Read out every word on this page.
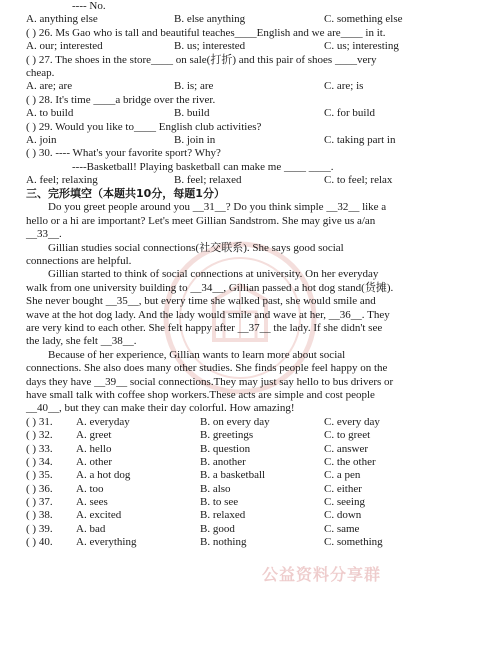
公益资料分享群
---- No.
A. anything else	B. else anything	C. something else
( ) 26. Ms Gao who is tall and beautiful teaches____English and we are____ in it.
A. our; interested	B. us; interested	C. us; interesting
( ) 27. The shoes in the store____ on sale(打折) and this pair of shoes ____very
cheap.
A. are; are	B. is; are	C. are; is
( ) 28. It's time ____a bridge over the river.
A. to build	B. build	C. for build
( ) 29. Would you like to____ English club activities?
A. join	B. join in	C. taking part in
( ) 30. ---- What's your favorite sport? Why?
----Basketball! Playing basketball can make me ____ ____.
A. feel; relaxing	B. feel; relaxed	C. to feel; relax
三、完形填空（本题共10分，每题1分）
Do you greet people around you __31__? Do you think simple __32__ like a
hello or a hi are important? Let's meet Gillian Sandstrom. She may give us a/an
__33__.
Gillian studies social connections(社交联系). She says good social
connections are helpful.
Gillian started to think of social connections at university. On her everyday
walk from one university building to __34__, Gillian passed a hot dog stand(货摊).
She never bought __35__, but every time she walked past, she would smile and
wave at the hot dog lady. And the lady would smile and wave at her, __36__. They
are very kind to each other. She felt happy after __37__ the lady. If she didn't see
the lady, she felt __38__.
Because of her experience, Gillian wants to learn more about social
connections. She also does many other studies. She finds people feel happy on the
days they have __39__ social connections.They may just say hello to bus drivers or
have small talk with coffee shop workers.These acts are simple and cost people
__40__, but they can make their day colorful. How amazing!
( ) 31.	A. everyday	B. on every day	C. every day
( ) 32.	A. greet	B. greetings	C. to greet
( ) 33.	A. hello	B. question	C. answer
( ) 34.	A. other	B. another	C. the other
( ) 35.	A. a hot dog	B. a basketball	C. a pen
( ) 36.	A. too	B. also	C. either
( ) 37.	A. sees	B. to see	C. seeing
( ) 38.	A. excited	B. relaxed	C. down
( ) 39.	A. bad	B. good	C. same
( ) 40.	A. everything	B. nothing	C. something
